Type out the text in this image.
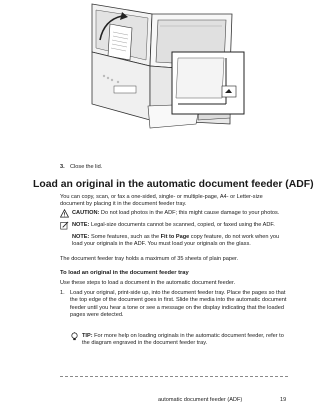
3. Close the lid.
Load an original in the automatic document feeder (ADF)
You can copy, scan, or fax a one-sided, single- or multiple-page, A4- or Letter-size document by placing it in the document feeder tray.
CAUTION: Do not load photos in the ADF; this might cause damage to your photos.
NOTE: Legal-size documents cannot be scanned, copied, or faxed using the ADF.
NOTE: Some features, such as the Fit to Page copy feature, do not work when you load your originals in the ADF. You must load your originals on the glass.
The document feeder tray holds a maximum of 35 sheets of plain paper.
To load an original in the document feeder tray
Use these steps to load a document in the automatic document feeder.
1. Load your original, print-side up, into the document feeder tray. Place the pages so that the top edge of the document goes in first. Slide the media into the automatic document feeder until you hear a tone or see a message on the display indicating that the loaded pages were detected.
TIP: For more help on loading originals in the automatic document feeder, refer to the diagram engraved in the document feeder tray.
automatic document feeder (ADF)	19
